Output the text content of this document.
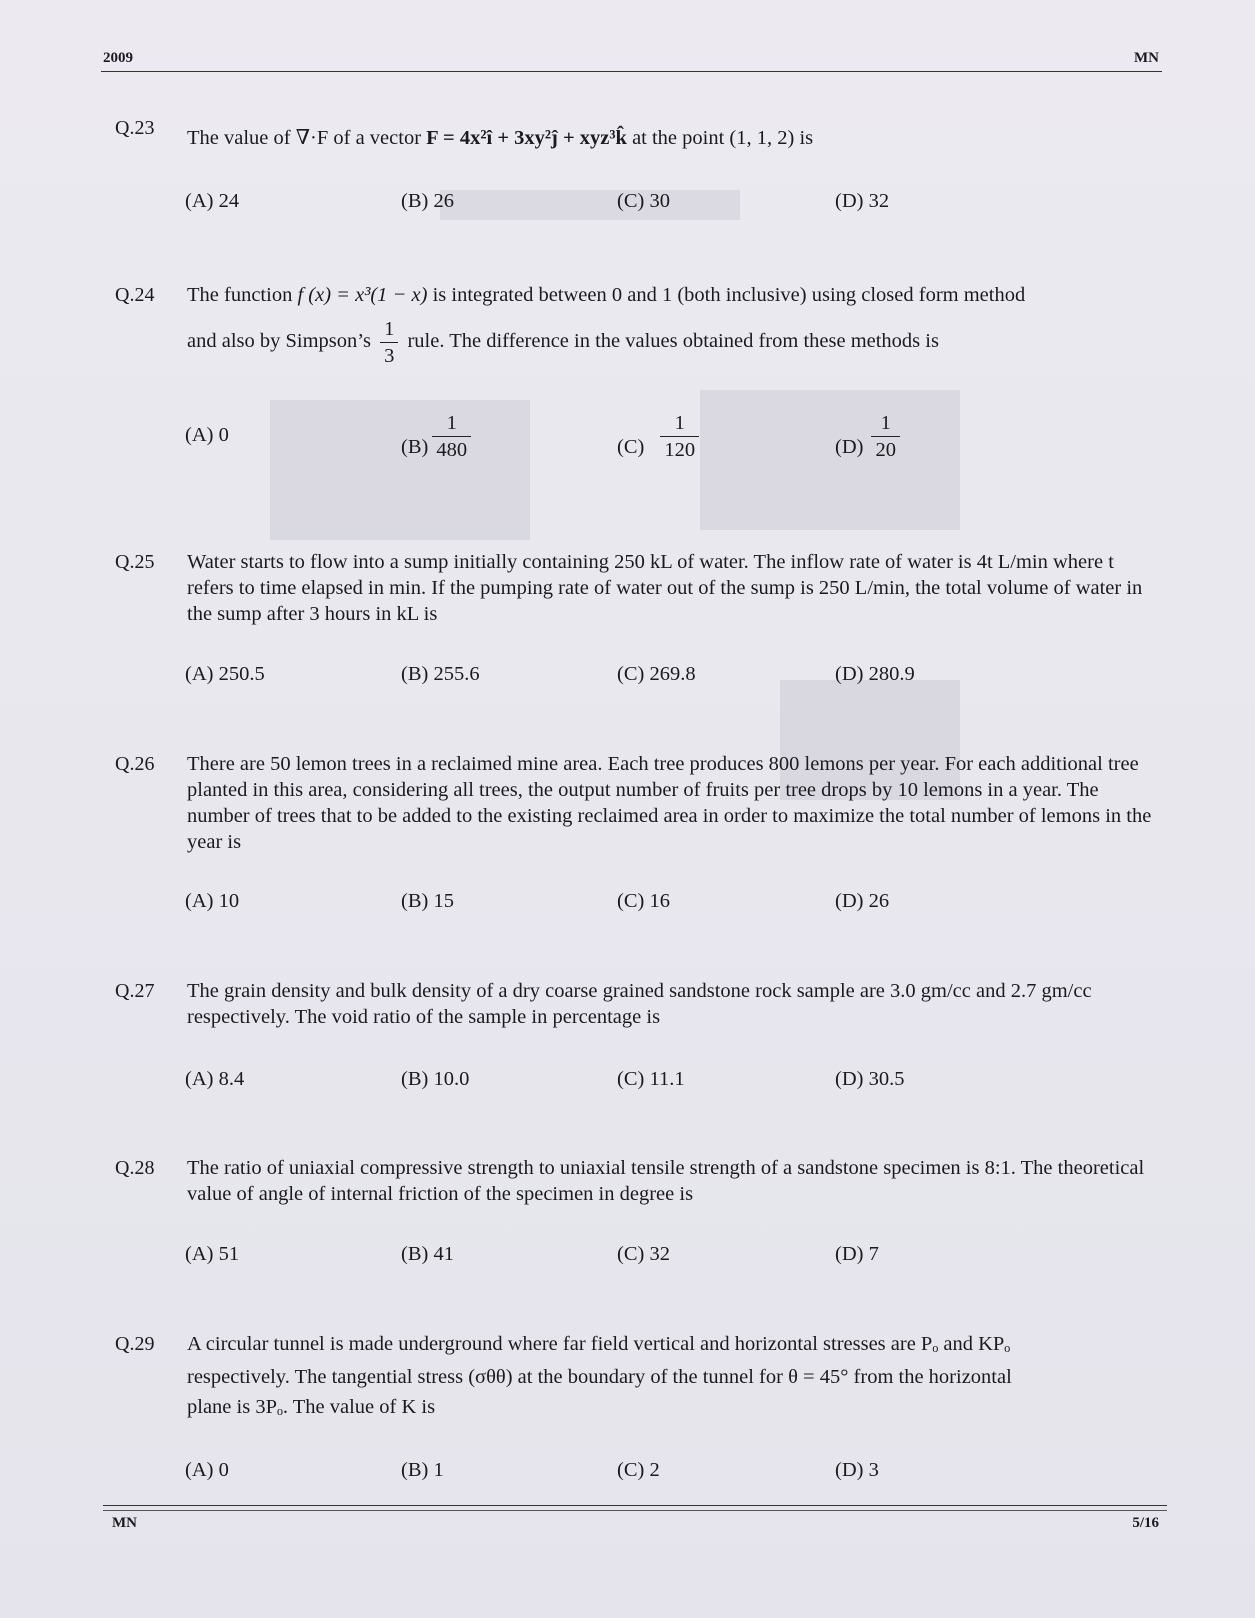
2009	MN
Q.23 The value of ∇·F of a vector F = 4x²î + 3xy²ĵ + xyz³k̂ at the point (1, 1, 2) is
(A) 24	(B) 26	(C) 30	(D) 32
Q.24 The function f (x) = x³(1 − x) is integrated between 0 and 1 (both inclusive) using closed form method
and also by Simpson’s $\frac{1}{3}$ rule. The difference in the values obtained from these methods is
(A) 0
$(B) \frac{1}{480}$	$(C) \frac{1}{120}$	$(D) \frac{1}{20}$
Q.25 Water starts to flow into a sump initially containing 250 kL of water. The inflow rate of water is 4t L/min where t refers to time elapsed in min. If the pumping rate of water out of the sump is 250 L/min, the total volume of water in the sump after 3 hours in kL is
(A) 250.5	(B) 255.6	(C) 269.8	(D) 280.9
Q.26 There are 50 lemon trees in a reclaimed mine area. Each tree produces 800 lemons per year. For each additional tree planted in this area, considering all trees, the output number of fruits per tree drops by 10 lemons in a year. The number of trees that to be added to the existing reclaimed area in order to maximize the total number of lemons in the year is
(A) 10	(B) 15	(C) 16	(D) 26
Q.27 The grain density and bulk density of a dry coarse grained sandstone rock sample are 3.0 gm/cc and 2.7 gm/cc respectively. The void ratio of the sample in percentage is
(A) 8.4	(B) 10.0	(C) 11.1	(D) 30.5
Q.28 The ratio of uniaxial compressive strength to uniaxial tensile strength of a sandstone specimen is 8:1. The theoretical value of angle of internal friction of the specimen in degree is
(A) 51	(B) 41	(C) 32	(D) 7
Q.29 A circular tunnel is made underground where far field vertical and horizontal stresses are Pₒ and KPₒ
respectively. The tangential stress (σθθ) at the boundary of the tunnel for θ = 45° from the horizontal
plane is 3Pₒ. The value of K is
(A) 0	(B) 1	(C) 2	(D) 3
MN	5/16
